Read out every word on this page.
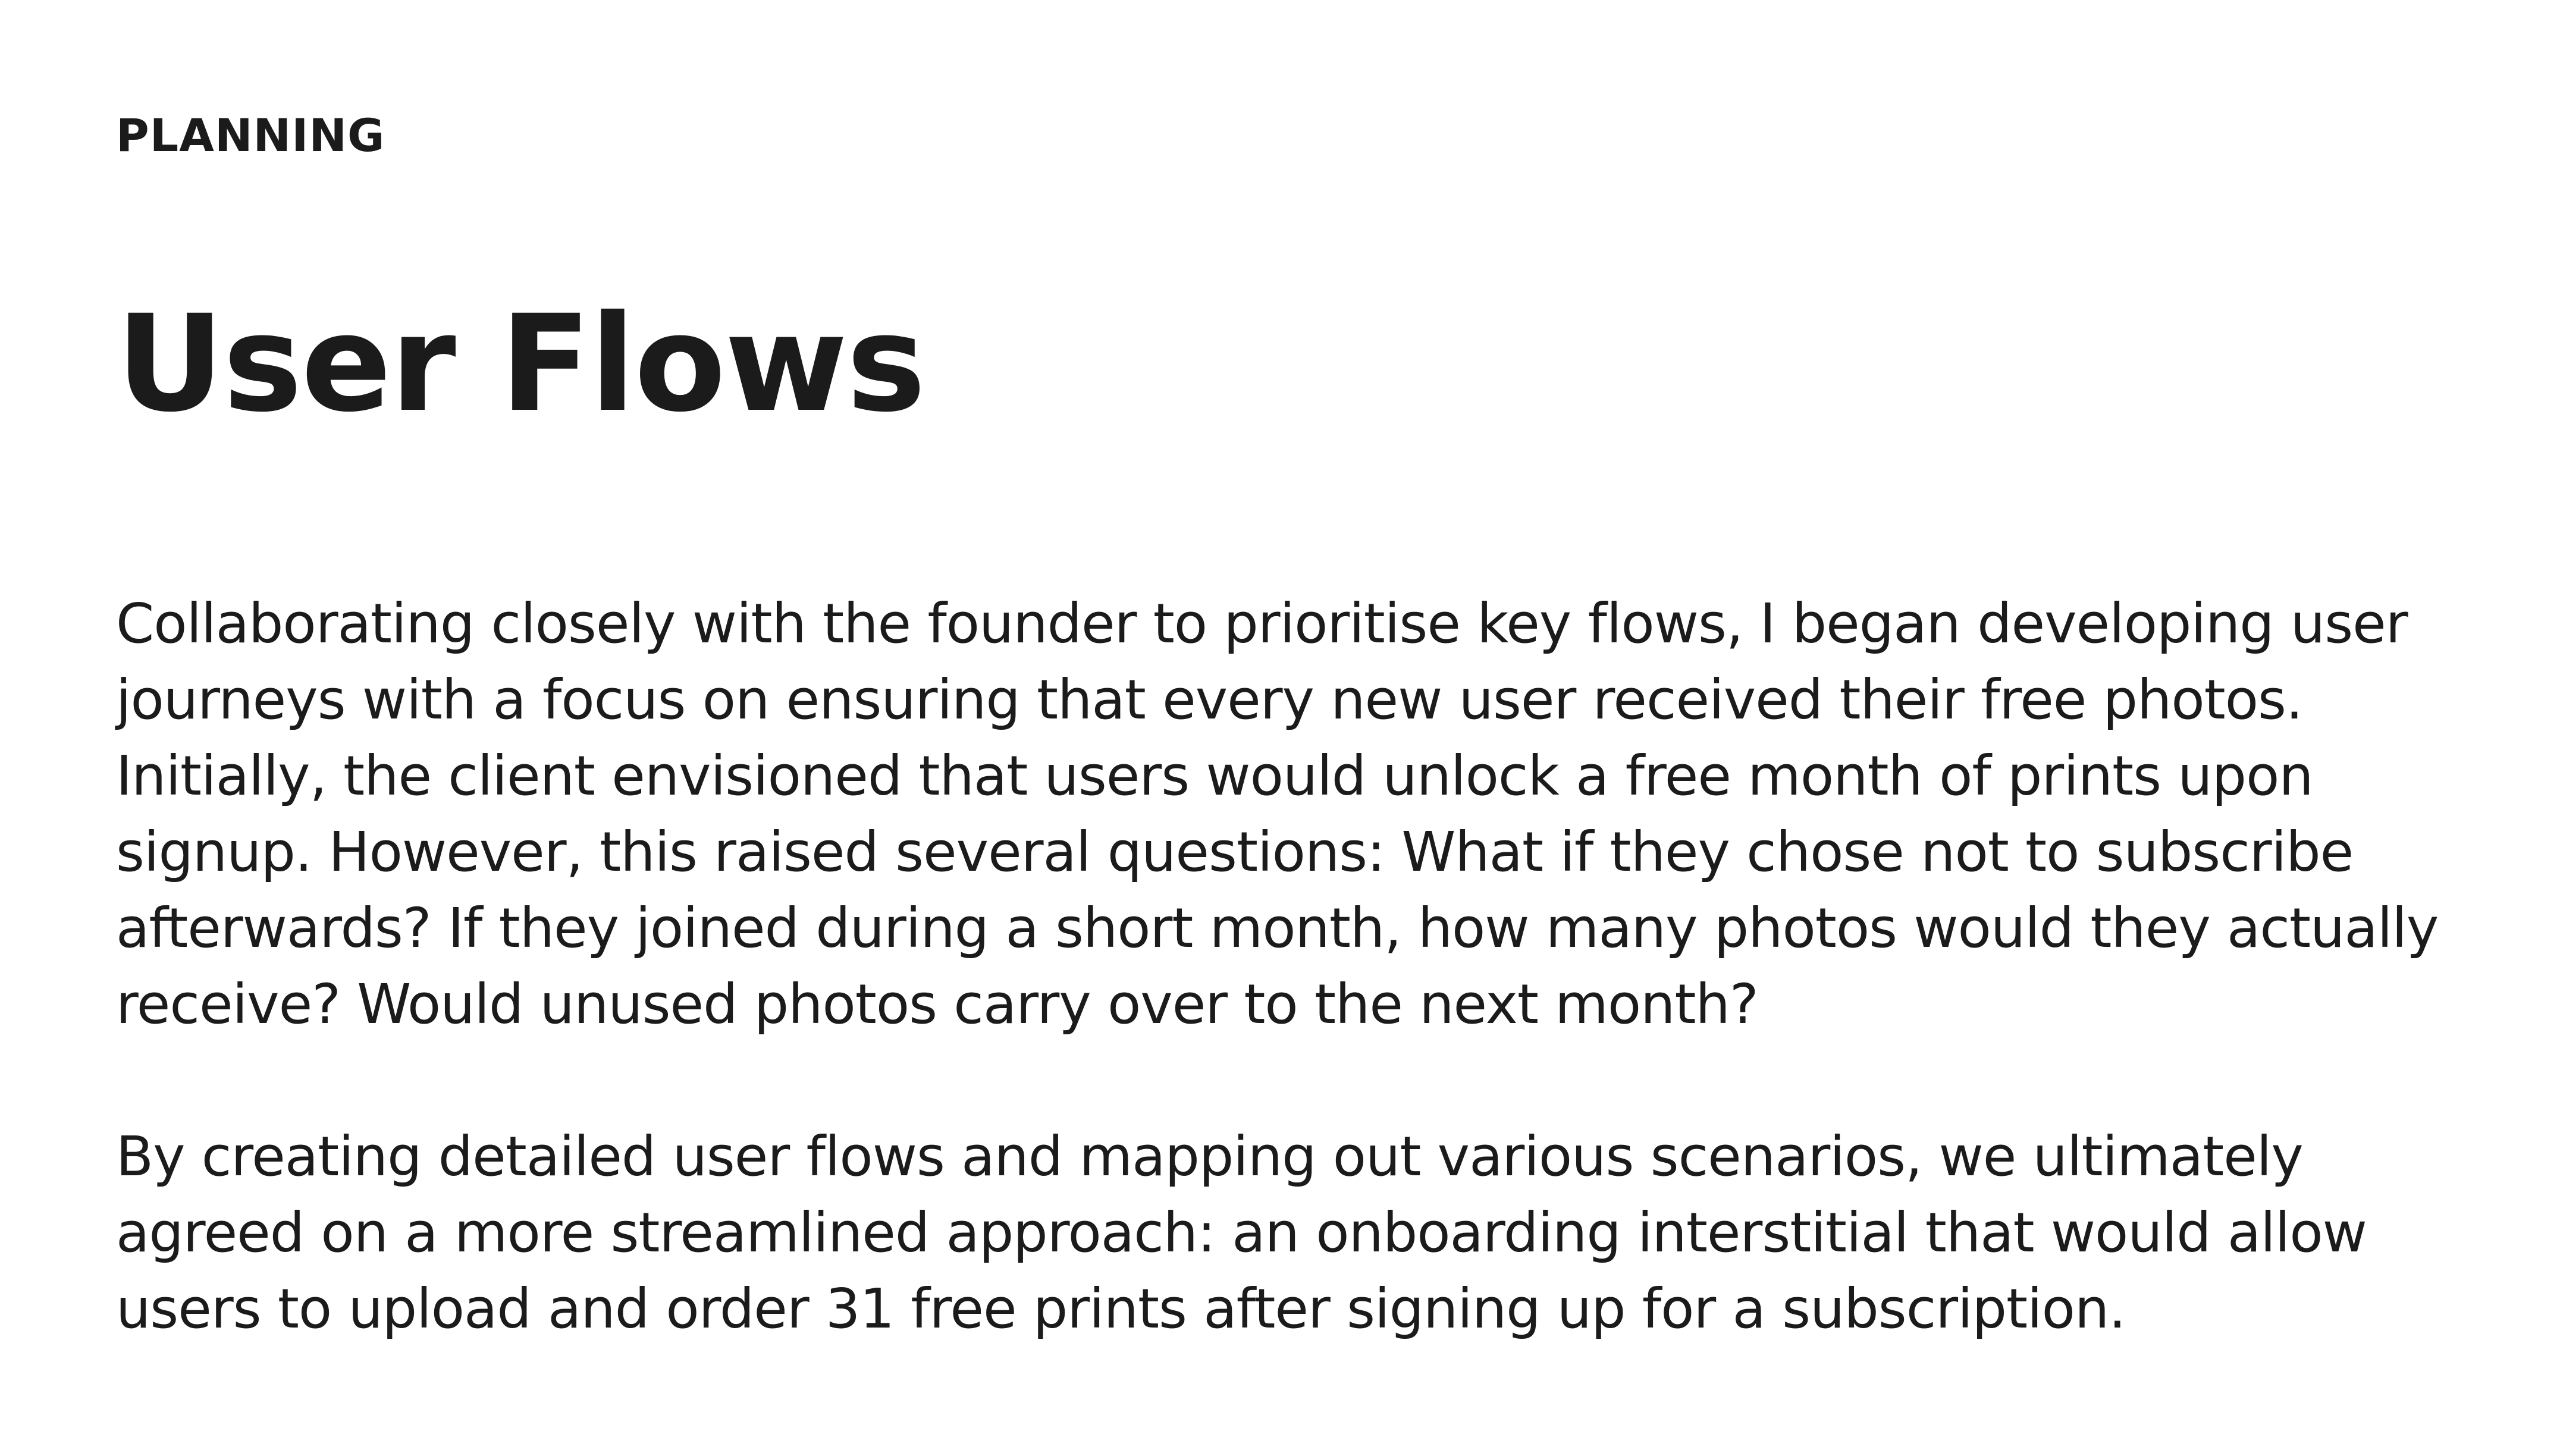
PLANNING
User Flows

Collaborating closely with the founder to prioritise key flows, I began developing user journeys with a focus on ensuring that every new user received their free photos. Initially, the client envisioned that users would unlock a free month of prints upon signup. However, this raised several questions: What if they chose not to subscribe afterwards? If they joined during a short month, how many photos would they actually receive? Would unused photos carry over to the next month?

By creating detailed user flows and mapping out various scenarios, we ultimately agreed on a more streamlined approach: an onboarding interstitial that would allow users to upload and order 31 free prints after signing up for a subscription.
